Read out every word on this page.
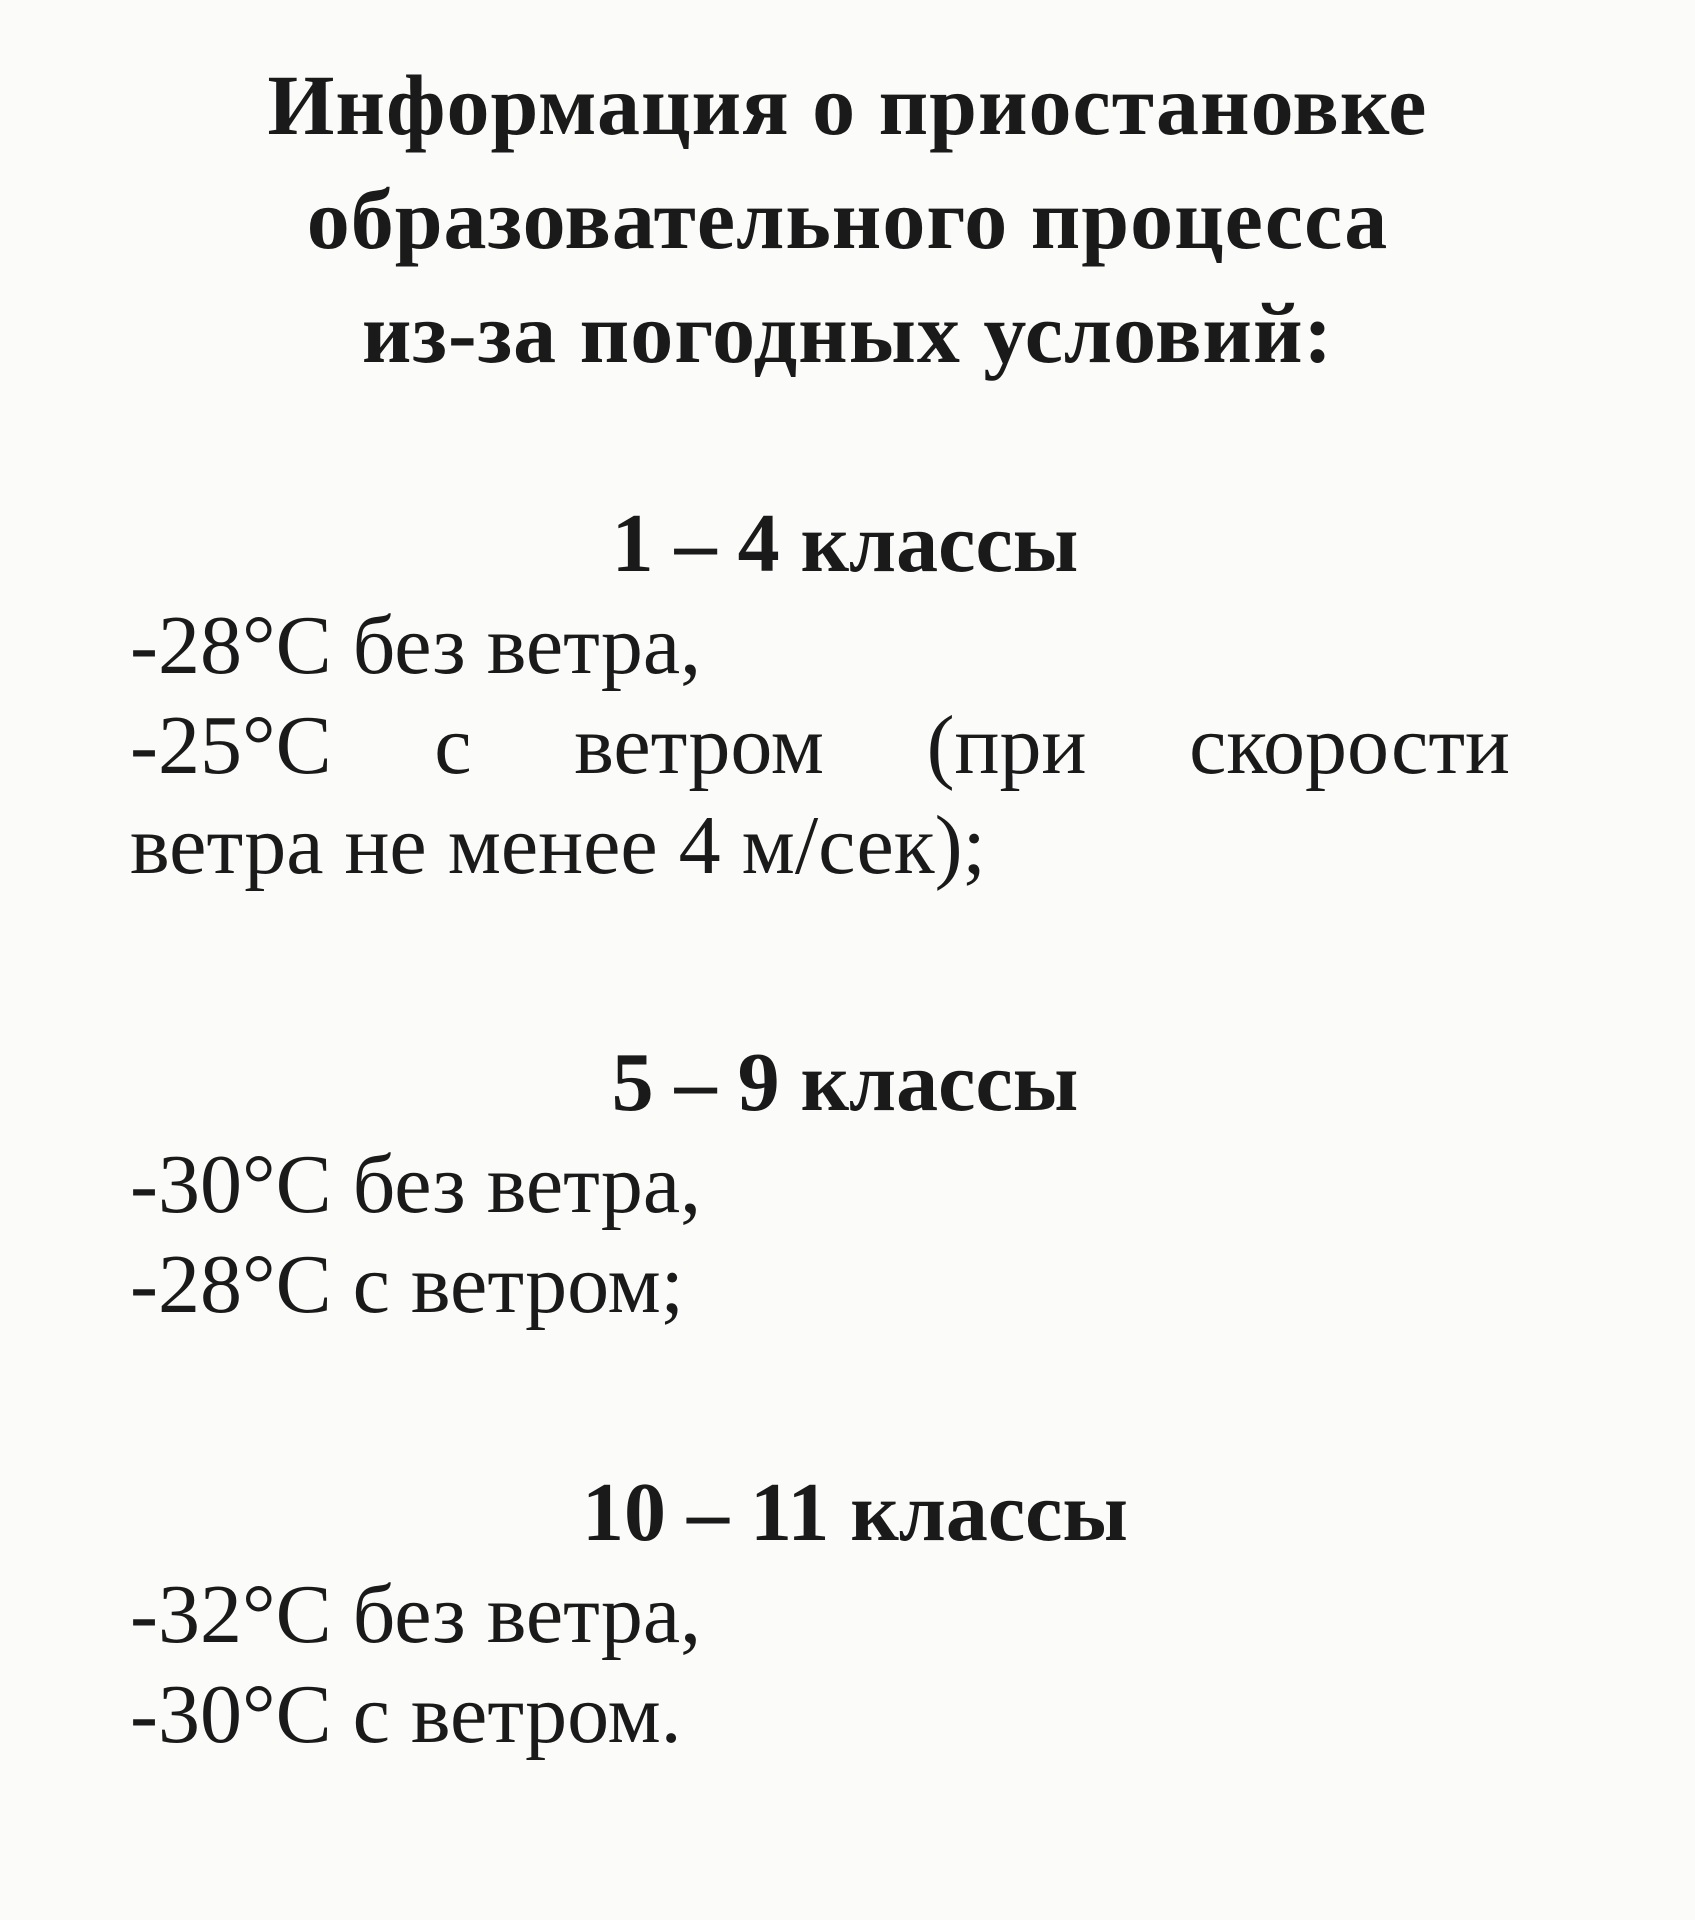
Информация о приостановке
образовательного процесса
из-за погодных условий:

1 – 4 классы

-28°С без ветра,

-25°С с ветром (при скорости

ветра не менее 4 м/сек);

5 – 9 классы

-30°С без ветра,

-28°С с ветром;

10 – 11 классы

-32°С без ветра,

-30°С с ветром.
